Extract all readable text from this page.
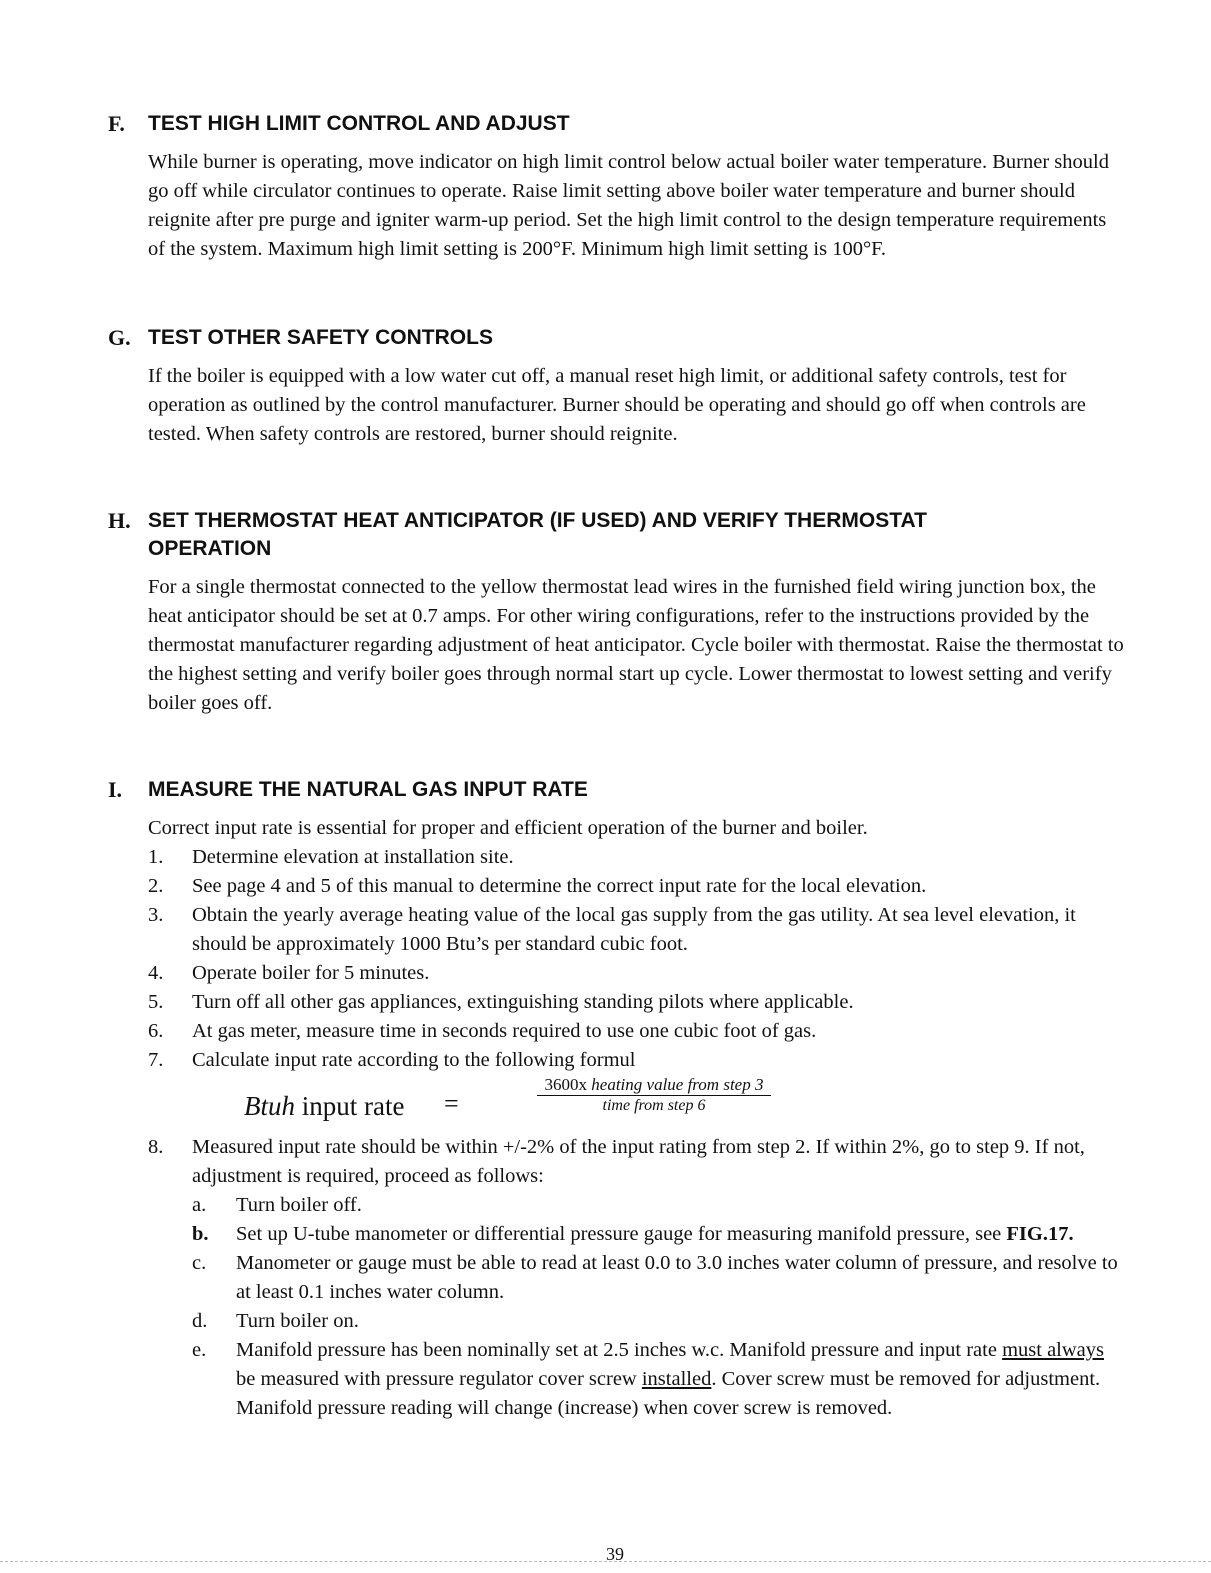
F. TEST HIGH LIMIT CONTROL AND ADJUST
While burner is operating, move indicator on high limit control below actual boiler water temperature. Burner should go off while circulator continues to operate. Raise limit setting above boiler water temperature and burner should reignite after pre purge and igniter warm-up period. Set the high limit control to the design temperature requirements of the system. Maximum high limit setting is 200°F. Minimum high limit setting is 100°F.
G. TEST OTHER SAFETY CONTROLS
If the boiler is equipped with a low water cut off, a manual reset high limit, or additional safety controls, test for operation as outlined by the control manufacturer. Burner should be operating and should go off when controls are tested. When safety controls are restored, burner should reignite.
H. SET THERMOSTAT HEAT ANTICIPATOR (IF USED) AND VERIFY THERMOSTAT
OPERATION
For a single thermostat connected to the yellow thermostat lead wires in the furnished field wiring junction box, the heat anticipator should be set at 0.7 amps. For other wiring configurations, refer to the instructions provided by the thermostat manufacturer regarding adjustment of heat anticipator. Cycle boiler with thermostat. Raise the thermostat to the highest setting and verify boiler goes through normal start up cycle. Lower thermostat to lowest setting and verify boiler goes off.
I. MEASURE THE NATURAL GAS INPUT RATE
Correct input rate is essential for proper and efficient operation of the burner and boiler.
1. Determine elevation at installation site.
2. See page 4 and 5 of this manual to determine the correct input rate for the local elevation.
3. Obtain the yearly average heating value of the local gas supply from the gas utility. At sea level elevation, it should be approximately 1000 Btu’s per standard cubic foot.
4. Operate boiler for 5 minutes.
5. Turn off all other gas appliances, extinguishing standing pilots where applicable.
6. At gas meter, measure time in seconds required to use one cubic foot of gas.
7. Calculate input rate according to the following formul
Btuh input rate =
3600x heating value from step 3
time from step 6
8. Measured input rate should be within +/-2% of the input rating from step 2. If within 2%, go to step 9. If not, adjustment is required, proceed as follows:
a. Turn boiler off.
b. Set up U-tube manometer or differential pressure gauge for measuring manifold pressure, see FIG.17.
c. Manometer or gauge must be able to read at least 0.0 to 3.0 inches water column of pressure, and resolve to at least 0.1 inches water column.
d. Turn boiler on.
e. Manifold pressure has been nominally set at 2.5 inches w.c. Manifold pressure and input rate must always be measured with pressure regulator cover screw installed. Cover screw must be removed for adjustment. Manifold pressure reading will change (increase) when cover screw is removed.
39
